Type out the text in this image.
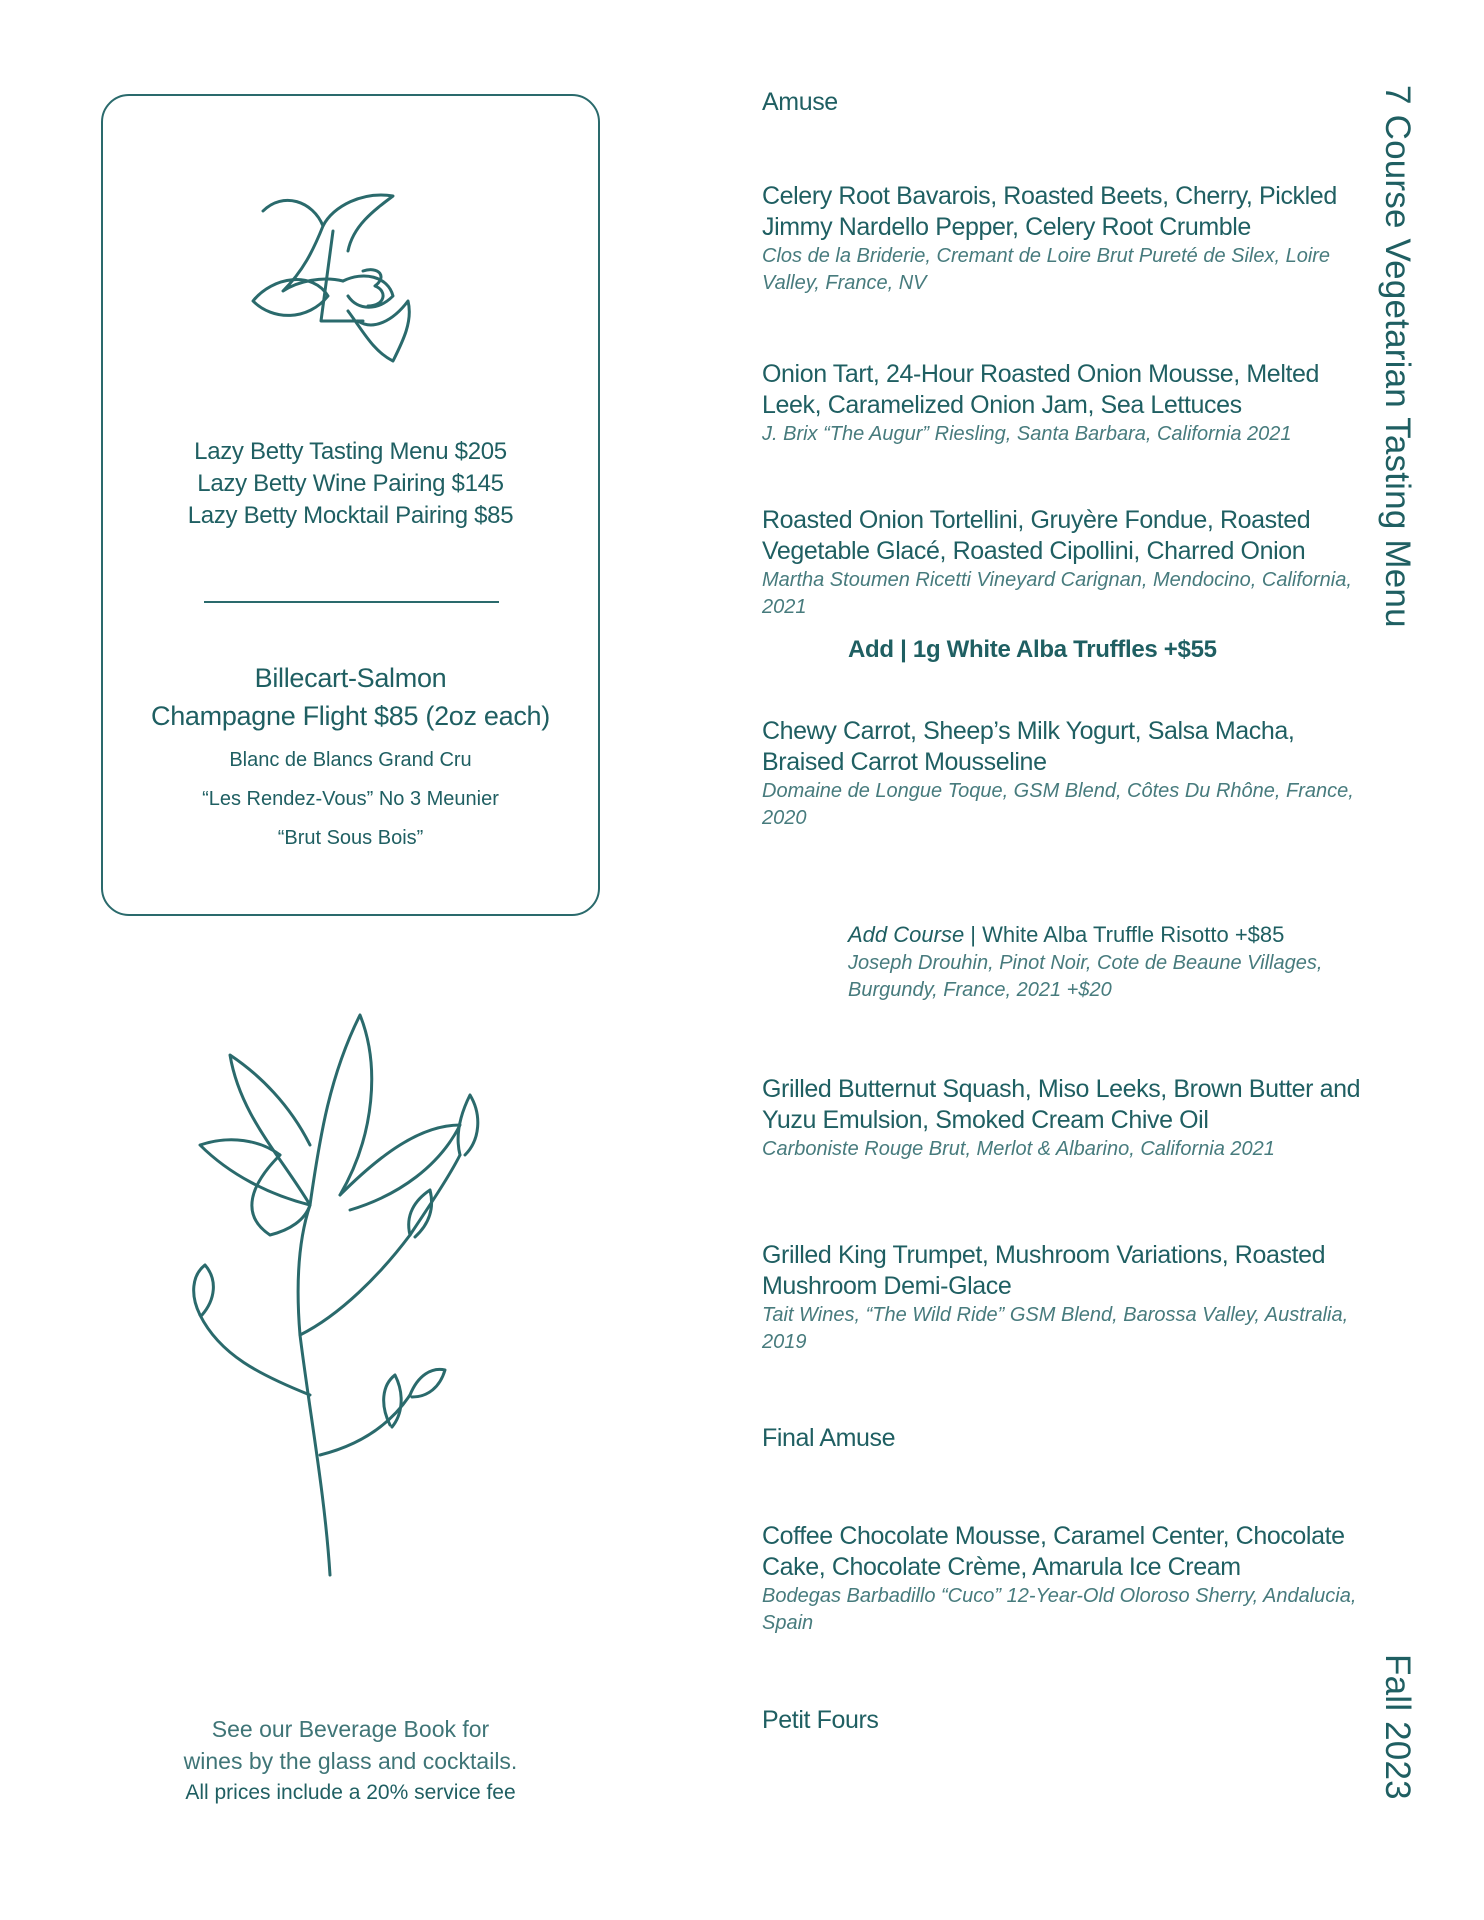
Lazy Betty Tasting Menu $205
Lazy Betty Wine Pairing $145
Lazy Betty Mocktail Pairing $85
Billecart-Salmon
Champagne Flight $85 (2oz each)
Blanc de Blancs Grand Cru
“Les Rendez-Vous” No 3 Meunier
“Brut Sous Bois”
See our Beverage Book for
wines by the glass and cocktails.
All prices include a 20% service fee
Amuse
Celery Root Bavarois, Roasted Beets, Cherry, Pickled Jimmy Nardello Pepper, Celery Root Crumble
Clos de la Briderie, Cremant de Loire Brut Pureté de Silex, Loire Valley, France, NV
Onion Tart, 24-Hour Roasted Onion Mousse, Melted Leek, Caramelized Onion Jam, Sea Lettuces
J. Brix “The Augur” Riesling, Santa Barbara, California 2021
Roasted Onion Tortellini, Gruyère Fondue, Roasted Vegetable Glacé, Roasted Cipollini, Charred Onion
Martha Stoumen Ricetti Vineyard Carignan, Mendocino, California, 2021
Add | 1g White Alba Truffles +$55
Chewy Carrot, Sheep’s Milk Yogurt, Salsa Macha, Braised Carrot Mousseline
Domaine de Longue Toque, GSM Blend, Côtes Du Rhône, France, 2020
Add Course | White Alba Truffle Risotto +$85
Joseph Drouhin, Pinot Noir, Cote de Beaune Villages, Burgundy, France, 2021 +$20
Grilled Butternut Squash, Miso Leeks, Brown Butter and Yuzu Emulsion, Smoked Cream Chive Oil
Carboniste Rouge Brut, Merlot & Albarino, California 2021
Grilled King Trumpet, Mushroom Variations, Roasted Mushroom Demi-Glace
Tait Wines, “The Wild Ride” GSM Blend, Barossa Valley, Australia, 2019
Final Amuse
Coffee Chocolate Mousse, Caramel Center, Chocolate Cake, Chocolate Crème, Amarula Ice Cream
Bodegas Barbadillo “Cuco” 12-Year-Old Oloroso Sherry, Andalucia, Spain
Petit Fours
7 Course Vegetarian Tasting Menu
Fall 2023
